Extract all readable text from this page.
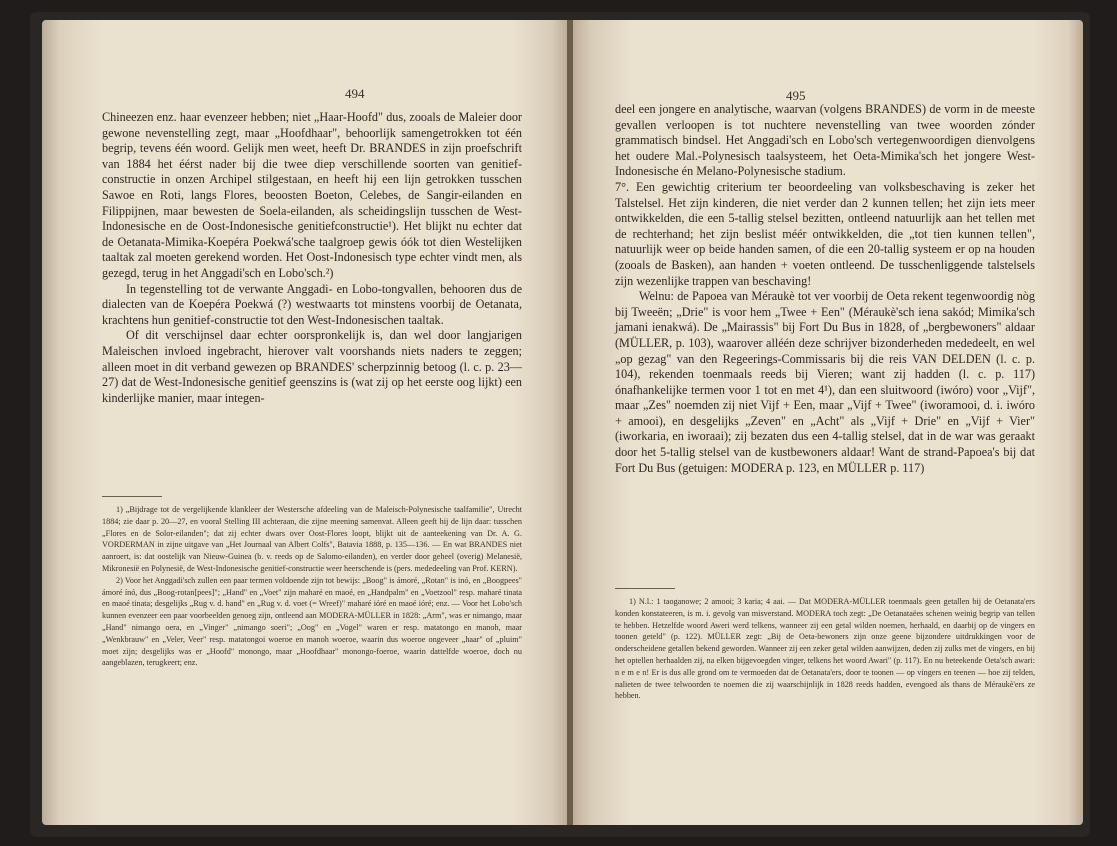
494

Chineezen enz. haar evenzeer hebben; niet „Haar-Hoofd" dus, zooals de Maleier door gewone nevenstelling zegt, maar „Hoofdhaar", behoorlijk samengetrokken tot één begrip, tevens één woord. Gelijk men weet, heeft Dr. BRANDES in zijn proefschrift van 1884 het éérst nader bij die twee diep verschillende soorten van genitief-constructie in onzen Archipel stilgestaan, en heeft hij een lijn getrokken tusschen Sawoe en Roti, langs Flores, beoosten Boeton, Celebes, de Sangir-eilanden en Filippijnen, maar bewesten de Soela-eilanden, als scheidingslijn tusschen de West-Indonesische en de Oost-Indonesische genitiefconstructie¹). Het blijkt nu echter dat de Oetanata-Mimika-Koepéra Poekwá'sche taalgroep gewis óók tot dien Westelijken taaltak zal moeten gerekend worden. Het Oost-Indonesisch type echter vindt men, als gezegd, terug in het Anggadi'sch en Lobo'sch.²)

In tegenstelling tot de verwante Anggadi- en Lobo-tongvallen, behooren dus de dialecten van de Koepéra Poekwá (?) westwaarts tot minstens voorbij de Oetanata, krachtens hun genitief-constructie tot den West-Indonesischen taaltak.

Of dit verschijnsel daar echter oorspronkelijk is, dan wel door langjarigen Maleischen invloed ingebracht, hierover valt voorshands niets naders te zeggen; alleen moet in dit verband gewezen op BRANDES' scherpzinnig betoog (l. c. p. 23—27) dat de West-Indonesische genitief geenszins is (wat zij op het eerste oog lijkt) een kinderlijke manier, maar integen-

1) „Bijdrage tot de vergelijkende klankleer der Westersche afdeeling van de Maleisch-Polynesische taalfamilie", Utrecht 1884; zie daar p. 20—27, en vooral Stelling III achteraan, die zijne meening samenvat. Alleen geeft hij de lijn daar: tusschen „Flores en de Solor-eilanden"; dat zij echter dwars over Oost-Flores loopt, blijkt uit de aanteekening van Dr. A. G. VORDERMAN in zijne uitgave van „Het Journaal van Albert Colfs", Batavia 1888, p. 135—136. — En wat BRANDES niet aanroert, is: dat oostelijk van Nieuw-Guinea (b. v. reeds op de Salomo-eilanden), en verder door geheel (overig) Melanesië, Mikronesië en Polynesië, de West-Indonesische genitief-constructie weer heerschende is (pers. mededeeling van Prof. KERN).

2) Voor het Anggadi'sch zullen een paar termen voldoende zijn tot bewijs: „Boog" is ámoré, „Rotan" is inó, en „Boogpees" ámoré ínó, dus „Boog-rotan[pees]"; „Hand" en „Voet" zijn maharé en maoé, en „Handpalm" en „Voetzool" resp. maharé tinata en maoé tinata; desgelijks „Rug v. d. hand" en „Rug v. d. voet (= Wreef)" maharé ióré en maoé ióré; enz. — Voor het Lobo'sch kunnen evenzeer een paar voorbeelden genoeg zijn, ontleend aan MODERA-MÜLLER in 1828: „Arm", was er nimango, maar „Hand" nimango oera, en „Vinger" „nimango soeri"; „Oog" en „Vogel" waren er resp. matatongo en manoh, maar „Wenkbrauw" en „Veler, Veer" resp. matatongoi woeroe en manoh woeroe, waarin dus woeroe ongeveer „haar" of „pluim" moet zijn; desgelijks was er „Hoofd" monongo, maar „Hoofdhaar" monongo-foeroe, waarin dattelfde woeroe, doch nu aangeblazen, terugkeert; enz.

495

deel een jongere en analytische, waarvan (volgens BRANDES) de vorm in de meeste gevallen verloopen is tot nuchtere nevenstelling van twee woorden zónder grammatisch bindsel. Het Anggadi'sch en Lobo'sch vertegenwoordigen dienvolgens het oudere Mal.-Polynesisch taalsysteem, het Oeta-Mimika'sch het jongere West-Indonesische én Melano-Polynesische stadium.

7°. Een gewichtig criterium ter beoordeeling van volksbeschaving is zeker het Talstelsel. Het zijn kinderen, die niet verder dan 2 kunnen tellen; het zijn iets meer ontwikkelden, die een 5-tallig stelsel bezitten, ontleend natuurlijk aan het tellen met de rechterhand; het zijn beslist méér ontwikkelden, die „tot tien kunnen tellen", natuurlijk weer op beide handen samen, of die een 20-tallig systeem er op na houden (zooals de Basken), aan handen + voeten ontleend. De tusschenliggende talstelsels zijn wezenlijke trappen van beschaving!

Welnu: de Papoea van Méraukè tot ver voorbij de Oeta rekent tegenwoordig nòg bij Tweeën; „Drie" is voor hem „Twee + Een" (Méraukè'sch iena sakód; Mimika'sch jamani ienakwá). De „Mairassis" bij Fort Du Bus in 1828, of „bergbewoners" aldaar (MÜLLER, p. 103), waarover alléén deze schrijver bizonderheden mededeelt, en wel „op gezag" van den Regeerings-Commissaris bij die reis VAN DELDEN (l. c. p. 104), rekenden toenmaals reeds bij Vieren; want zij hadden (l. c. p. 117) ónafhankelijke termen voor 1 tot en met 4¹), dan een sluitwoord (iwóro) voor „Vijf", maar „Zes" noemden zij niet Vijf + Een, maar „Vijf + Twee" (iworamooi, d. i. iwóro + amooi), en desgelijks „Zeven" en „Acht" als „Vijf + Drie" en „Vijf + Vier" (iworkaria, en iworaai); zij bezaten dus een 4-tallig stelsel, dat in de war was geraakt door het 5-tallig stelsel van de kustbewoners aldaar! Want de strand-Papoea's bij dat Fort Du Bus (getuigen: MODERA p. 123, en MÜLLER p. 117)

1) N.l.: 1 taoganowe; 2 amooi; 3 karia; 4 aai. — Dat MODERA-MÜLLER toenmaals geen getallen bij de Oetanata'ers konden konstateeren, is m. i. gevolg van misverstand. MODERA toch zegt: „De Oetanataëes schenen weinig begrip van tellen te hebben. Hetzelfde woord Aweri werd telkens, wanneer zij een getal wilden noemen, herhaald, en daarbij op de vingers en toonen geteld" (p. 122). MÜLLER zegt: „Bij de Oeta-bewoners zijn onze geene bijzondere uitdrukkingen voor de onderscheidene getallen bekend geworden. Wanneer zij een zeker getal wilden aanwijzen, deden zij zulks met de vingers, en bij het optellen herhaalden zij, na elken bijgevoegden vinger, telkens het woord Awari" (p. 117). En nu beteekende Oeta'sch awari: n e m e n! Er is dus alle grond om te vermoeden dat de Oetanata'ers, door te toonen — op vingers en teenen — hoe zij telden, nalieten de twee telwoorden te noemen die zij waarschijnlijk in 1828 reeds hadden, evengoed als thans de Méraukè'ers ze hebben.
